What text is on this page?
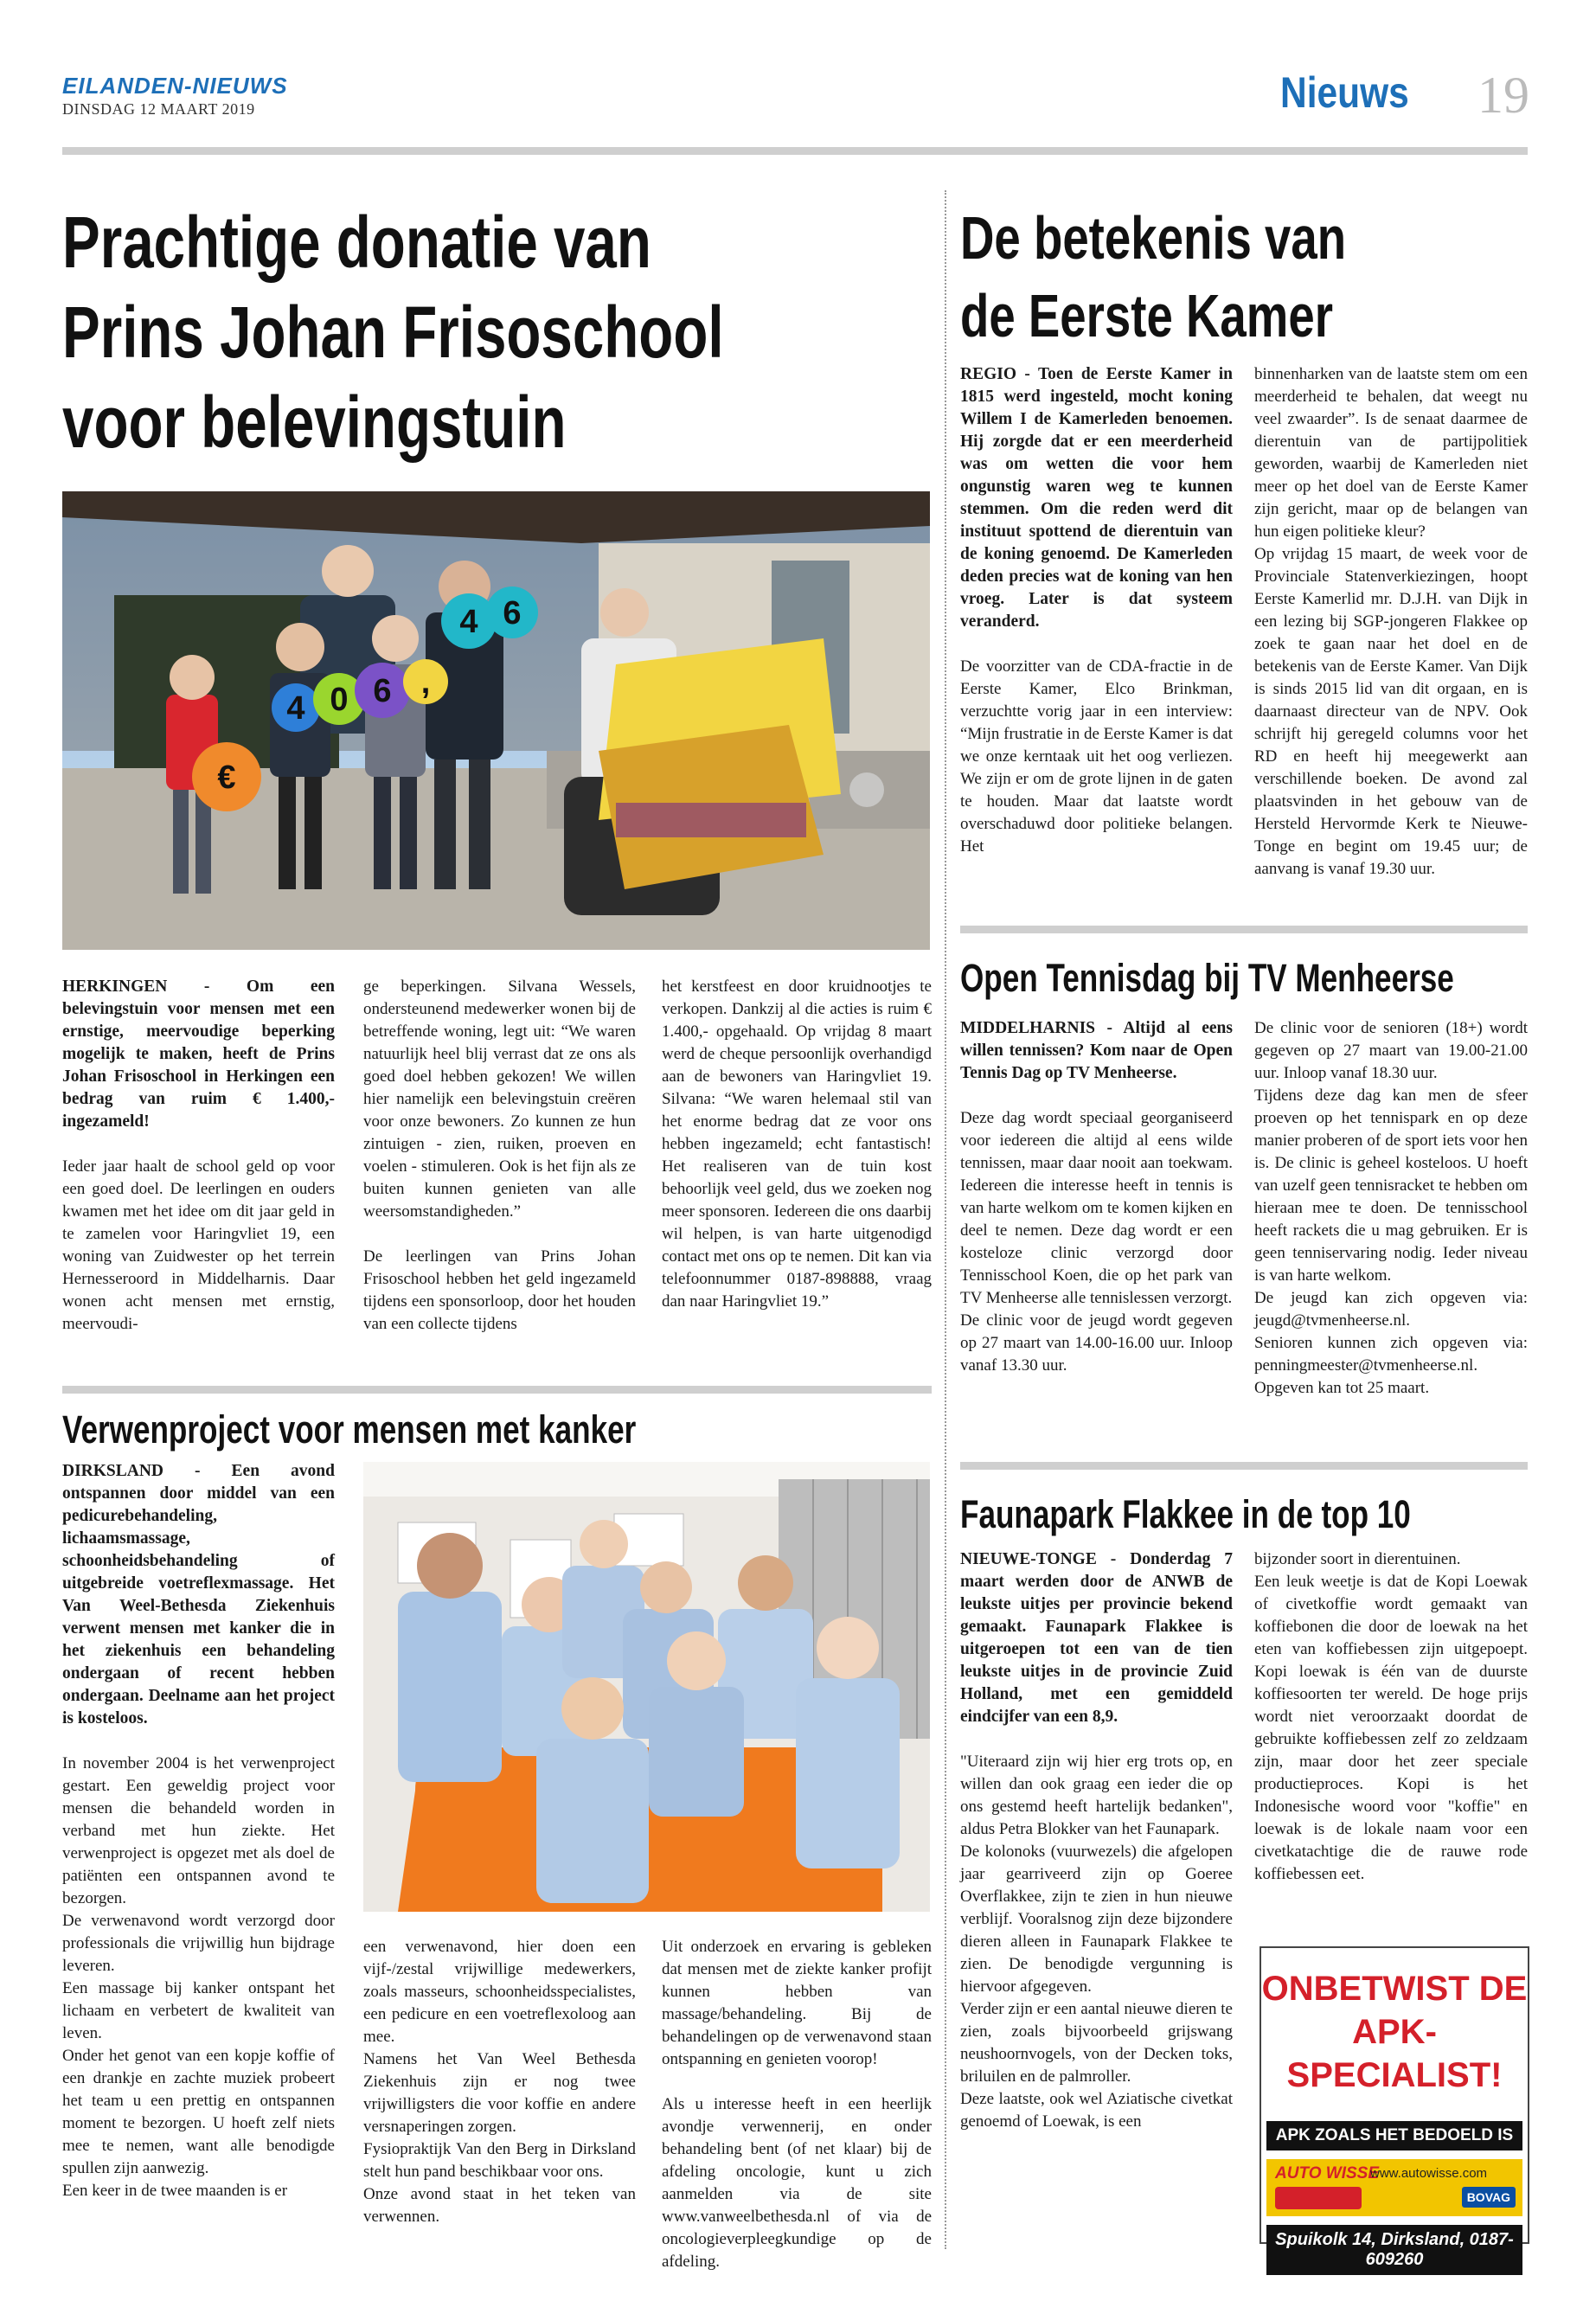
EILANDEN-NIEUWS
DINSDAG 12 MAART 2019	Nieuws 19
Prachtige donatie van
Prins Johan Frisoschool
voor belevingstuin
€
4 0 6 ,
4 6

HERKINGEN - Om een belevingstuin voor mensen met een ernstige, meervoudige beperking mogelijk te maken, heeft de Prins Johan Frisoschool in Herkingen een bedrag van ruim € 1.400,- ingezameld!

Ieder jaar haalt de school geld op voor een goed doel. De leerlingen en ouders kwamen met het idee om dit jaar geld in te zamelen voor Haringvliet 19, een woning van Zuidwester op het terrein Hernesseroord in Middelharnis. Daar wonen acht mensen met ernstig, meervoudi-

ge beperkingen. Silvana Wessels, ondersteunend medewerker wonen bij de betreffende woning, legt uit: “We waren natuurlijk heel blij verrast dat ze ons als goed doel hebben gekozen! We willen hier namelijk een belevingstuin creëren voor onze bewoners. Zo kunnen ze hun zintuigen - zien, ruiken, proeven en voelen - stimuleren. Ook is het fijn als ze buiten kunnen genieten van alle weersomstandigheden.”

De leerlingen van Prins Johan Frisoschool hebben het geld ingezameld tijdens een sponsorloop, door het houden van een collecte tijdens

het kerstfeest en door kruidnootjes te verkopen. Dankzij al die acties is ruim € 1.400,- opgehaald. Op vrijdag 8 maart werd de cheque persoonlijk overhandigd aan de bewoners van Haringvliet 19. Silvana: “We waren helemaal stil van het enorme bedrag dat ze voor ons hebben ingezameld; echt fantastisch! Het realiseren van de tuin kost behoorlijk veel geld, dus we zoeken nog meer sponsoren. Iedereen die ons daarbij wil helpen, is van harte uitgenodigd contact met ons op te nemen. Dit kan via telefoonnummer 0187-898888, vraag dan naar Haringvliet 19.”

Verwenproject voor mensen met kanker

DIRKSLAND - Een avond ontspannen door middel van een pedicurebehandeling, lichaamsmassage, schoonheidsbehandeling of uitgebreide voetreflexmassage. Het Van Weel-Bethesda Ziekenhuis verwent mensen met kanker die in het ziekenhuis een behandeling ondergaan of recent hebben ondergaan. Deelname aan het project is kosteloos.

In november 2004 is het verwenproject gestart. Een geweldig project voor mensen die behandeld worden in verband met hun ziekte. Het verwenproject is opgezet met als doel de patiënten een ontspannen avond te bezorgen.

De verwenavond wordt verzorgd door professionals die vrijwillig hun bijdrage leveren.

Een massage bij kanker ontspant het lichaam en verbetert de kwaliteit van leven.

Onder het genot van een kopje koffie of een drankje en zachte muziek probeert het team u een prettig en ontspannen moment te bezorgen. U hoeft zelf niets mee te nemen, want alle benodigde spullen zijn aanwezig.

Een keer in de twee maanden is er

een verwenavond, hier doen een vijf-/zestal vrijwillige medewerkers, zoals masseurs, schoonheidsspecialistes, een pedicure en een voetreflexoloog aan mee.

Namens het Van Weel Bethesda Ziekenhuis zijn er nog twee vrijwilligsters die voor koffie en andere versnaperingen zorgen.

Fysiopraktijk Van den Berg in Dirksland stelt hun pand beschikbaar voor ons.

Onze avond staat in het teken van verwennen.

Uit onderzoek en ervaring is gebleken dat mensen met de ziekte kanker profijt kunnen hebben van massage/behandeling. Bij de behandelingen op de verwenavond staan ontspanning en genieten voorop!

Als u interesse heeft in een heerlijk avondje verwennerij, en onder behandeling bent (of net klaar) bij de afdeling oncologie, kunt u zich aanmelden via de site www.vanweelbethesda.nl of via de oncologieverpleegkundige op de afdeling.

De betekenis van
de Eerste Kamer

REGIO - Toen de Eerste Kamer in 1815 werd ingesteld, mocht koning Willem I de Kamerleden benoemen. Hij zorgde dat er een meerderheid was om wetten die voor hem ongunstig waren weg te kunnen stemmen. Om die reden werd dit instituut spottend de dierentuin van de koning genoemd. De Kamerleden deden precies wat de koning van hen vroeg. Later is dat systeem veranderd.

De voorzitter van de CDA-fractie in de Eerste Kamer, Elco Brinkman, verzuchtte vorig jaar in een interview: “Mijn frustratie in de Eerste Kamer is dat we onze kerntaak uit het oog verliezen. We zijn er om de grote lijnen in de gaten te houden. Maar dat laatste wordt overschaduwd door politieke belangen. Het

binnenharken van de laatste stem om een meerderheid te behalen, dat weegt nu veel zwaarder”. Is de senaat daarmee de dierentuin van de partijpolitiek geworden, waarbij de Kamerleden niet meer op het doel van de Eerste Kamer zijn gericht, maar op de belangen van hun eigen politieke kleur?

Op vrijdag 15 maart, de week voor de Provinciale Statenverkiezingen, hoopt Eerste Kamerlid mr. D.J.H. van Dijk in een lezing bij SGP-jongeren Flakkee op zoek te gaan naar het doel en de betekenis van de Eerste Kamer. Van Dijk is sinds 2015 lid van dit orgaan, en is daarnaast directeur van de NPV. Ook schrijft hij geregeld columns voor het RD en heeft hij meegewerkt aan verschillende boeken. De avond zal plaatsvinden in het gebouw van de Hersteld Hervormde Kerk te Nieuwe-Tonge en begint om 19.45 uur; de aanvang is vanaf 19.30 uur.

Open Tennisdag bij TV Menheerse

MIDDELHARNIS - Altijd al eens willen tennissen? Kom naar de Open Tennis Dag op TV Menheerse.

Deze dag wordt speciaal georganiseerd voor iedereen die altijd al eens wilde tennissen, maar daar nooit aan toekwam. Iedereen die interesse heeft in tennis is van harte welkom om te komen kijken en deel te nemen. Deze dag wordt er een kosteloze clinic verzorgd door Tennisschool Koen, die op het park van TV Menheerse alle tennislessen verzorgt.

De clinic voor de jeugd wordt gegeven op 27 maart van 14.00-16.00 uur. Inloop vanaf 13.30 uur.

De clinic voor de senioren (18+) wordt gegeven op 27 maart van 19.00-21.00 uur. Inloop vanaf 18.30 uur.

Tijdens deze dag kan men de sfeer proeven op het tennispark en op deze manier proberen of de sport iets voor hen is. De clinic is geheel kosteloos. U hoeft van uzelf geen tennisracket te hebben om hieraan mee te doen. De tennisschool heeft rackets die u mag gebruiken. Er is geen tenniservaring nodig. Ieder niveau is van harte welkom.

De jeugd kan zich opgeven via: jeugd@tvmenheerse.nl.

Senioren kunnen zich opgeven via: penningmeester@tvmenheerse.nl.

Opgeven kan tot 25 maart.

Faunapark Flakkee in de top 10

NIEUWE-TONGE - Donderdag 7 maart werden door de ANWB de leukste uitjes per provincie bekend gemaakt. Faunapark Flakkee is uitgeroepen tot een van de tien leukste uitjes in de provincie Zuid Holland, met een gemiddeld eindcijfer van een 8,9.

"Uiteraard zijn wij hier erg trots op, en willen dan ook graag een ieder die op ons gestemd heeft hartelijk bedanken", aldus Petra Blokker van het Faunapark.

De kolonoks (vuurwezels) die afgelopen jaar gearriveerd zijn op Goeree Overflakkee, zijn te zien in hun nieuwe verblijf. Vooralsnog zijn deze bijzondere dieren alleen in Faunapark Flakkee te zien. De benodigde vergunning is hiervoor afgegeven.

Verder zijn er een aantal nieuwe dieren te zien, zoals bijvoorbeeld grijswang neushoornvogels, von der Decken toks, briluilen en de palmroller.

Deze laatste, ook wel Aziatische civetkat genoemd of Loewak, is een

bijzonder soort in dierentuinen.

Een leuk weetje is dat de Kopi Loewak of civetkoffie wordt gemaakt van koffiebonen die door de loewak na het eten van koffiebessen zijn uitgepoept. Kopi loewak is één van de duurste koffiesoorten ter wereld. De hoge prijs wordt niet veroorzaakt doordat de gebruikte koffiebessen zelf zo zeldzaam zijn, maar door het zeer speciale productieproces. Kopi is het Indonesische woord voor "koffie" en loewak is de lokale naam voor een civetkatachtige die de rauwe rode koffiebessen eet.

ONBETWIST DE
APK-SPECIALIST!
APK ZOALS HET BEDOELD IS
AUTO WISSE
www.autowisse.com
BOVAG
Spuikolk 14, Dirksland, 0187-609260
